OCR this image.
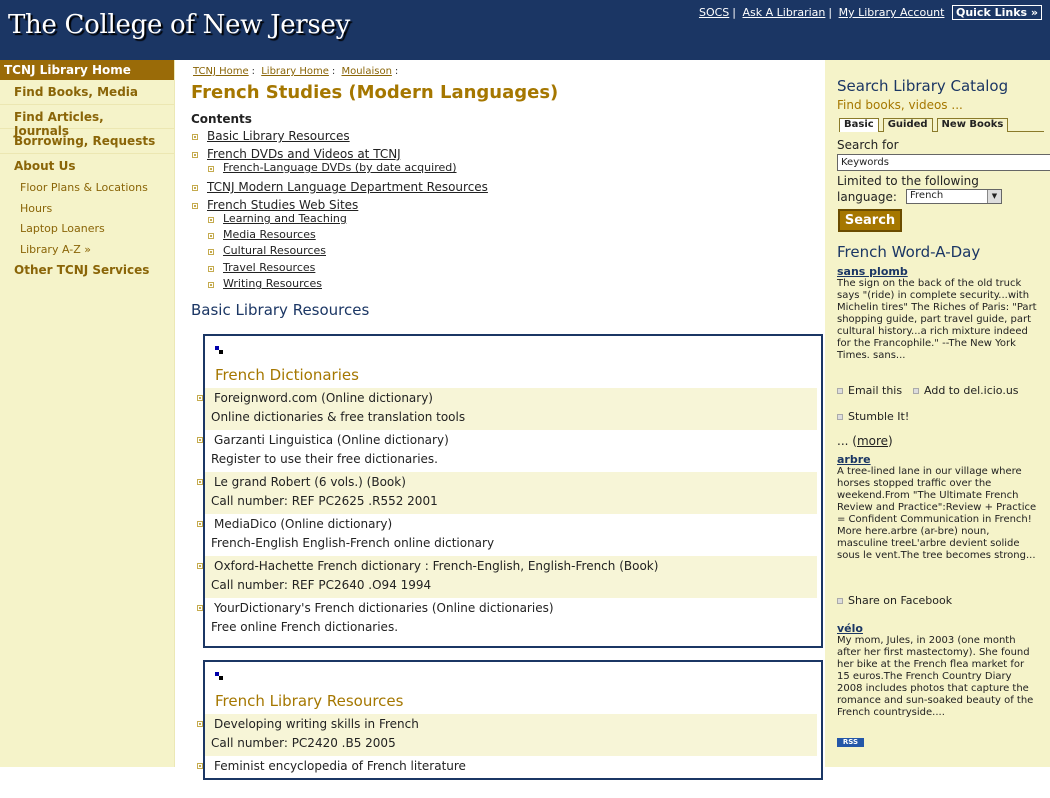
The College of New Jersey	SOCS | Ask A Librarian | My Library Account Quick Links »
TCNJ Library Home
Find Books, Media
Find Articles, Journals
Borrowing, Requests
About Us
Floor Plans & Locations
Hours
Laptop Loaners
Library A-Z »
Other TCNJ Services
TCNJ Home : Library Home : Moulaison :
French Studies (Modern Languages)
Contents
Basic Library Resources
French DVDs and Videos at TCNJ
French-Language DVDs (by date acquired)
TCNJ Modern Language Department Resources
French Studies Web Sites
Learning and Teaching
Media Resources
Cultural Resources
Travel Resources
Writing Resources
Basic Library Resources
French Dictionaries
Foreignword.com (Online dictionary)
Online dictionaries & free translation tools
Garzanti Linguistica (Online dictionary)
Register to use their free dictionaries.
Le grand Robert (6 vols.) (Book)
Call number: REF PC2625 .R552 2001
MediaDico (Online dictionary)
French-English English-French online dictionary
Oxford-Hachette French dictionary : French-English, English-French (Book)
Call number: REF PC2640 .O94 1994
YourDictionary's French dictionaries (Online dictionaries)
Free online French dictionaries.
French Library Resources
Developing writing skills in French
Call number: PC2420 .B5 2005
Feminist encyclopedia of French literature
Search Library Catalog
Find books, videos ...
Basic	Guided	New Books
Search for
Keywords
Limited to the following language:	French	▼
Search
French Word-A-Day
sans plomb
The sign on the back of the old truck says "(ride) in complete security...with Michelin tires" The Riches of Paris: "Part shopping guide, part travel guide, part cultural history...a rich mixture indeed for the Francophile." --The New York Times. sans...
Email this Add to del.icio.us
Stumble It!
... (more)
arbre
A tree-lined lane in our village where horses stopped traffic over the weekend.From "The Ultimate French Review and Practice":Review + Practice = Confident Communication in French! More here.arbre (ar-bre) noun, masculine treeL'arbre devient solide sous le vent.The tree becomes strong...
Share on Facebook
vélo
My mom, Jules, in 2003 (one month after her first mastectomy). She found her bike at the French flea market for 15 euros.The French Country Diary 2008 includes photos that capture the romance and sun-soaked beauty of the French countryside....
RSS
